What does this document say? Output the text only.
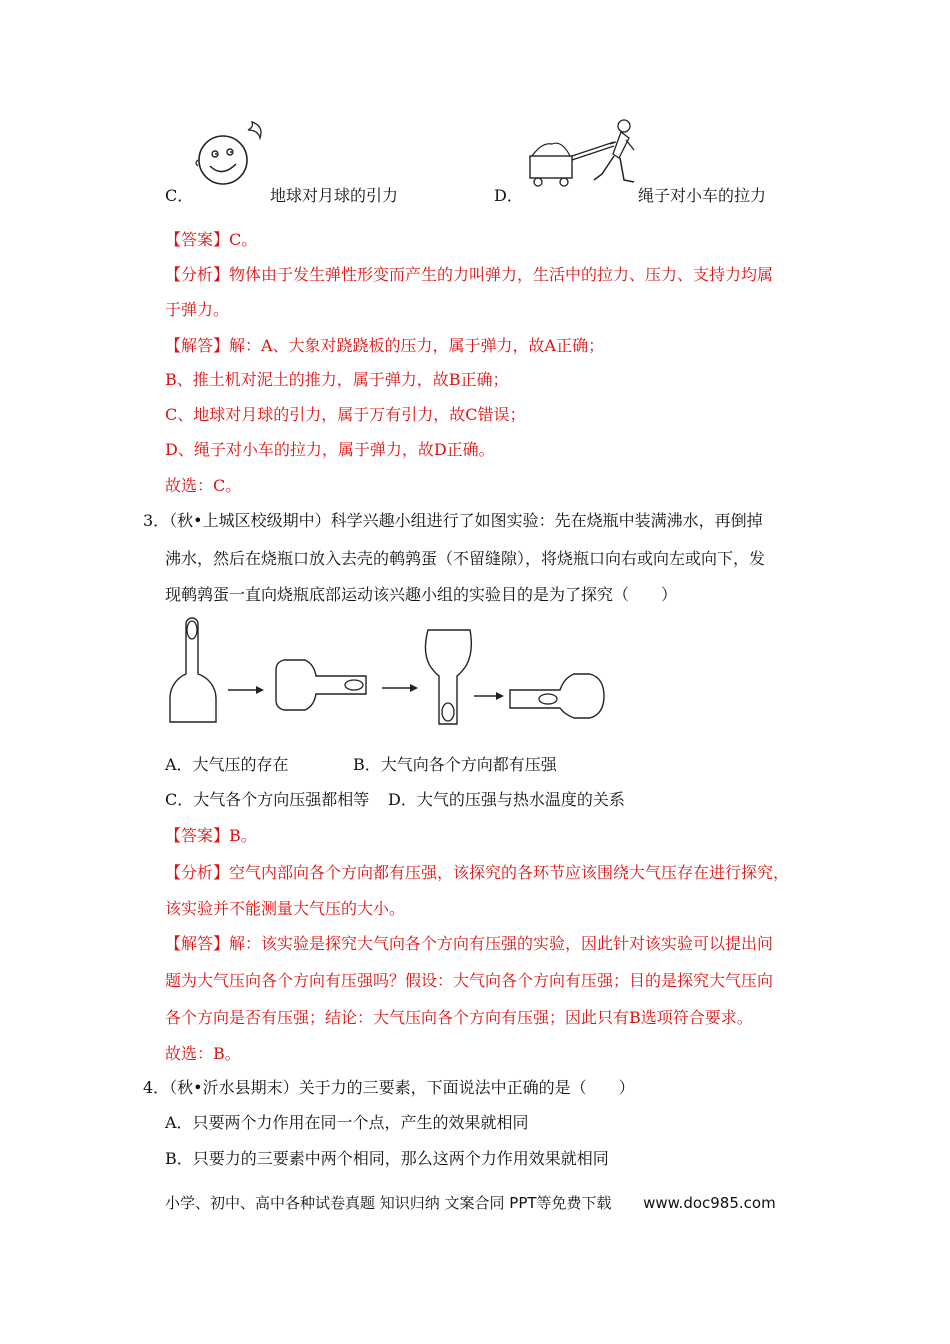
C．	地球对月球的引力	D．	绳子对小车的拉力
【答案】C。
【分析】物体由于发生弹性形变而产生的力叫弹力，生活中的拉力、压力、支持力均属
于弹力。
【解答】解：A、大象对跷跷板的压力，属于弹力，故A正确；
B、推土机对泥土的推力，属于弹力，故B正确；
C、地球对月球的引力，属于万有引力，故C错误；
D、绳子对小车的拉力，属于弹力，故D正确。
故选：C。
3．（秋•上城区校级期中）科学兴趣小组进行了如图实验：先在烧瓶中装满沸水，再倒掉
沸水，然后在烧瓶口放入去壳的鹌鹑蛋（不留缝隙），将烧瓶口向右或向左或向下，发
现鹌鹑蛋一直向烧瓶底部运动该兴趣小组的实验目的是为了探究（　　）
A．大气压的存在	B．大气向各个方向都有压强
C．大气各个方向压强都相等 D．大气的压强与热水温度的关系
【答案】B。
【分析】空气内部向各个方向都有压强，该探究的各环节应该围绕大气压存在进行探究，
该实验并不能测量大气压的大小。
【解答】解：该实验是探究大气向各个方向有压强的实验，因此针对该实验可以提出问
题为大气压向各个方向有压强吗？假设：大气向各个方向有压强；目的是探究大气压向
各个方向是否有压强；结论：大气压向各个方向有压强；因此只有B选项符合要求。
故选：B。
4．（秋•沂水县期末）关于力的三要素，下面说法中正确的是（　　）
A．只要两个力作用在同一个点，产生的效果就相同
B．只要力的三要素中两个相同，那么这两个力作用效果就相同
小学、初中、高中各种试卷真题 知识归纳 文案合同 PPT等免费下载 www.doc985.com
